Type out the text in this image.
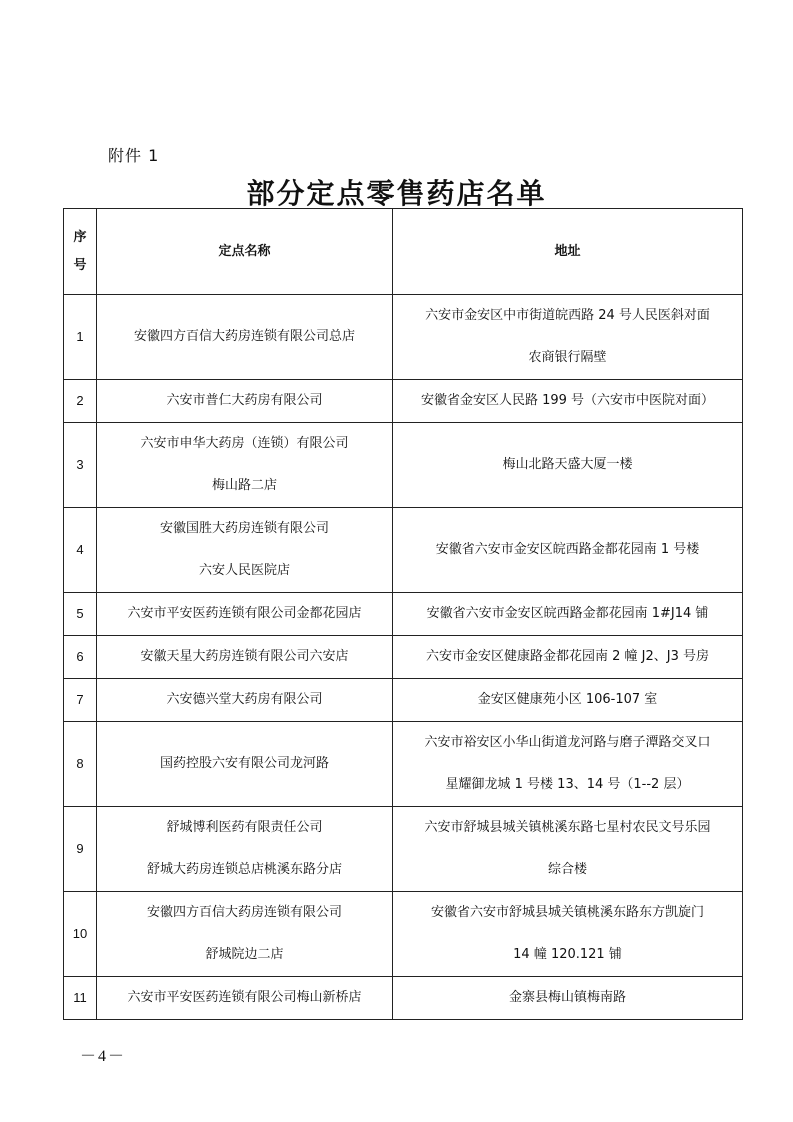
附件 1
部分定点零售药店名单
序
号	定点名称	地址
1	安徽四方百信大药房连锁有限公司总店	六安市金安区中市街道皖西路 24 号人民医斜对面
农商银行隔壁

2	六安市普仁大药房有限公司	安徽省金安区人民路 199 号（六安市中医院对面）

3	六安市申华大药房（连锁）有限公司
梅山路二店	梅山北路天盛大厦一楼

4	安徽国胜大药房连锁有限公司
六安人民医院店	安徽省六安市金安区皖西路金都花园南 1 号楼

5	六安市平安医药连锁有限公司金都花园店	安徽省六安市金安区皖西路金都花园南 1#J14 铺

6	安徽天星大药房连锁有限公司六安店	六安市金安区健康路金都花园南 2 幢 J2、J3 号房

7	六安德兴堂大药房有限公司	金安区健康苑小区 106-107 室

8	国药控股六安有限公司龙河路	六安市裕安区小华山街道龙河路与磨子潭路交叉口
星耀御龙城 1 号楼 13、14 号（1--2 层）

9	舒城博利医药有限责任公司
舒城大药房连锁总店桃溪东路分店	六安市舒城县城关镇桃溪东路七星村农民文号乐园
综合楼

10	安徽四方百信大药房连锁有限公司
舒城院边二店	安徽省六安市舒城县城关镇桃溪东路东方凯旋门
14 幢 120.121 铺

11	六安市平安医药连锁有限公司梅山新桥店	金寨县梅山镇梅南路
－4－
